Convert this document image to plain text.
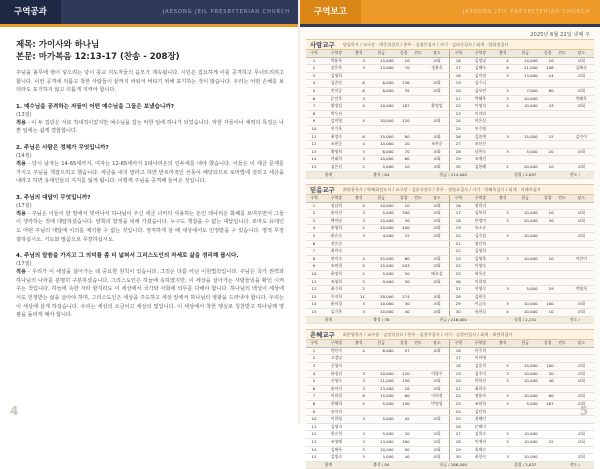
구역공과	JAESONG JEIL PRESBYTERIAN CHURCH
제목: 가이사와 하나님
본문: 마가복음 12:13-17 (찬송 - 208장)
주님을 올무에 엮어 넣으려는 당시 종교 지도자들의 음모가 계속됩니다. 시민은 집요하게 이를 공격하고 무너뜨리려고 합니다. 이런 공격에 의롭고 착한 사람들이 끝까지 싸워서 버티기 위해 포기하는 것이 많습니다. 우리는 어떤 손해를 보더라도 포기하지 않고 의롭게 지켜야 합니다.
1. 예수님을 공격하는 자들이 어떤 예수님을 그들은 보냈습니까?
(13절)
적용 - 이 두 집단은 서로 적대적이었지만 예수님을 잡는 악한 일에 하나가 되었습니다. 악한 자들이나 세력의 특징은 나쁜 일에는 쉽게 결합합니다.
2. 주님은 사람은 정체가 무엇입니까?
(14절)
적용 - 당시 남자는 14-65세까지, 여자는 12-65세까지 1데나리온의 인두세를 내야 했습니다. 이들은 이 세금 문제를 가지고 주님을 책잡으려고 했습니다. 세금을 내지 말라고 하면 반로마적인 선동이 해당되므로 로마법에 걸리고 세금을 내라고 하면 유대인들의 지지를 잃게 됩니다. 이렇게 주님을 공격해 들어온 것입니다.
3. 주님의 대답이 무엇입니까?
(17절)
적용 - 주님은 이들이 한 말에서 벗어나서 하나님이 주신 세금 너머의 사용하는 돈인 데나리온 화폐를 보여주면서 그들이 생각하는 것에 대답하셨습니다. 양쪽의 함정을 피해 가셨습니다. 누구도 책잡을 수 없는 대답입니다. 로마도 유대인도 어떤 주님의 대답에 이의를 제기할 수 없는 것입니다. 정직하게 살 때 세상에서도 인정받을 수 있습니다. 영적 무장 잘하십시오. 기도와 말씀으로 무장하십시오.
4. 주님의 말씀을 가지고 그 의미를 좀 더 넓혀서 그리스도인의 자세로 삶을 정리해 봅시다.
(17절)
적용 - 우리가 이 세상을 살아가는 데 중요한 원칙이 있습니다. 그것은 다름 아닌 이원법칙입니다. 주님은 국가 권력과 하나님의 나라를 분명히 구분하셨습니다. 그리스도인은 하늘에 속하였지만, 이 세상을 살아가는 사람들임을 확인 시켜주는 것입니다. 하늘에 속한 자라 할지라도 이 세상에서 국가와 사회에 의무를 다해야 합니다. 하나님의 백성이 세상에서도 인정받는 삶을 살아야 하며, 그리스도인은 세상을 주도하고 세상 앞에서 하나님의 영광을 드러내야 합니다. 우리는 이 세상에 살게 하셨습니다. 우리는 세상의 소금이고 세상의 빛입니다. 이 세상에서 착한 행실로 칭찬받고 하나님께 영광을 돌리게 해야 합니다.
4
구역보고	JAESONG JEIL PRESBYTERIAN CHURCH
2025년 6월 22일 넷째 주
사랑교구	담임목사 / 교구장 · 박준희장로 / 총무 · 김영은집사 / 서기 · 김리순집사 / 회계 · 엄화정집사
구역	구역장	출석	헌금	성경	전도	장소	구역	구역장	출석	헌금	성경	전도	장소
1	박윤옥	3	15,000	10		교회	16	김정남	4	14,000	10		교회
2	강은옥	3	13,000	70		정용욱	17	김혜숙	8	21,000	106		김혜숙
3	김영희						18	김미정	3	13,000	14		교회
4	김순단	6	6,000	136		교회	19	김수니					
5	인미공	6	8,000	35		교회	20	김보연	3	7,000	80		교회
6	문인후	3					21	박혜옥	3	10,000			박혜옥
7	황정임	4	10,000	187		황정임	22	이명자	4	10,000	43		교회
8	박우선						23	이미라					
9	김미영	4	10,000	120		교회	24	이은실					
10	이기옥						25	이수영					
11	최정숙	6	15,000	80		교회	26	김종애	3	15,000	15		김주이
12	조현순	4	10,000	20		조현순	27	조인선					
13	황영희	3	6,000	70		교회	28	남현숙	3	5,000	20		교회
14	이태희	3	10,000	60		교회	29	조재선					
15	김은선	2	5,000	10		교회	30	김현혜	2	20,000	10		교회
합계		출석 / 84			헌금 / 214,000				성경 / 2,897			전도 /	
믿음교구	최명용목사 / 박혜화전도사 / 교구장 · 김용석장로 / 총무 · 정원호집사 / 서기 · 박혜옥집사 / 회계 · 이해옥집사
구역	구역장	출석	헌금	성경	전도	장소	구역	구역장	출석	헌금	성경	전도	장소
1	정남희	4	10,000	10		교회	16	정희지					
2	윤미진	3	5,000	300		교회	17	김복희	3	10,000	10		교회
3	백미남	3	10,000	30		교회	18	안정미	3	20,000	30		교회
4	윤영희	2	10,000	400		교회	19	유소순					
5	윤순숙	3	4,000	15		교회	20	김주임	3	10,000			교회
6	전은순						21	정인희					
7	최미숙						22	김영희					
8	연미숙	4	25,000	60		교회	23	김영옥	3	10,000	10		이민이
9	조연희	5	15,000	203		교회	24	이영숙					
10	윤정희	2	5,000	50		배요섭	25	허옥순					
11	조영희	3	9,000	30		교회	26	이희정					
12	최수희	2					27	이명숙	3	5,000	29		박영희
13	이지희	11	28,000	274		교회	28	김현숙					
14	윤미경	3	10,000	30		교회	29	이금숙	3	10,000	100		교회
15	김기옥	3	10,000	40		교회	30	유헌실	4	10,000	10		교회
합계		출석 / 76			헌금 / 216,000				성경 / 2,231			전도 /	
은혜교구	최준영목사 / 교구장 · 김정식장로 / 총무 · 김정주집사 / 서기 · 김창민집사 / 회계 · 최연희집사
구역	구역장	출석	헌금	성경	전도	장소	구역	구역장	출석	헌금	성경	전도	장소
1	박인자	4	6,000	97		교회	16	이주희					
2	고경남						17	이미애					
3	신영자						18	김종희	5	15,000	100		교회
4	하정선	3	10,000	120		이영주	19	김주미	3	10,000	30		교회
5	신명숙	3	11,000	150		교회	20	박희진	3	10,000	40		교회
6	윤미지	3	13,000	18		교회	21	최희숙					
7	이희정	6	15,000	60		이희정	22	정용자	3	10,000	60		교회
8	한혜희	5	5,000	130		박명필	23	조연희	3	5,000	167		교회
9	유미자						24	김인희					
10	이희영	3	5,000	42		교회	25	정혜인					
11	김명자						26	문해미					
12	현순희	3	5,000	20		교회	27	김희숙	3	10,000			교회
13	조영해	3	13,000	300		교회	28	이예자	3	10,000	22		교회
14	김혜옥	3	10,000	90		교회	29	최혜숙					
15	김명숙	3	5,000	40		교회	30	최향숙	3	10,000			교회
합계		출석 / 84			헌금 / 266,000				성경 / 2,837			전도 /	
5
